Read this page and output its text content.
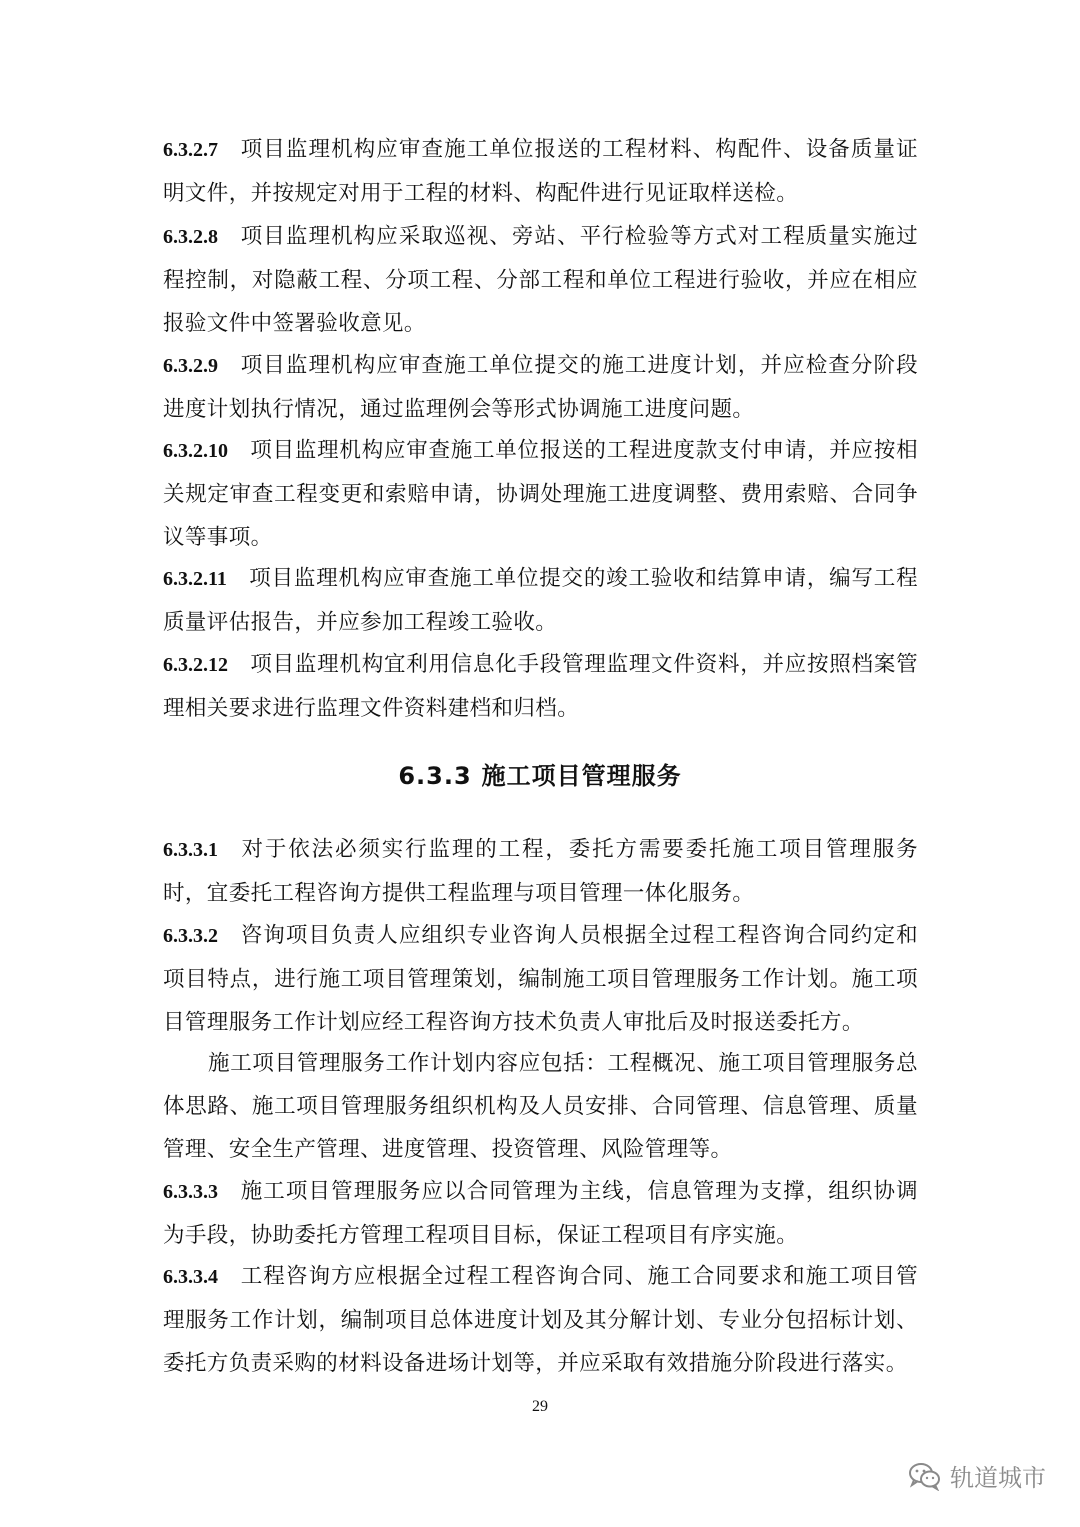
6.3.2.7 项目监理机构应审查施工单位报送的工程材料、构配件、设备质量证明文件，并按规定对用于工程的材料、构配件进行见证取样送检。

6.3.2.8 项目监理机构应采取巡视、旁站、平行检验等方式对工程质量实施过程控制，对隐蔽工程、分项工程、分部工程和单位工程进行验收，并应在相应报验文件中签署验收意见。

6.3.2.9 项目监理机构应审查施工单位提交的施工进度计划，并应检查分阶段进度计划执行情况，通过监理例会等形式协调施工进度问题。

6.3.2.10 项目监理机构应审查施工单位报送的工程进度款支付申请，并应按相关规定审查工程变更和索赔申请，协调处理施工进度调整、费用索赔、合同争议等事项。

6.3.2.11 项目监理机构应审查施工单位提交的竣工验收和结算申请，编写工程质量评估报告，并应参加工程竣工验收。

6.3.2.12 项目监理机构宜利用信息化手段管理监理文件资料，并应按照档案管理相关要求进行监理文件资料建档和归档。

6.3.3 施工项目管理服务

6.3.3.1 对于依法必须实行监理的工程，委托方需要委托施工项目管理服务时，宜委托工程咨询方提供工程监理与项目管理一体化服务。

6.3.3.2 咨询项目负责人应组织专业咨询人员根据全过程工程咨询合同约定和项目特点，进行施工项目管理策划，编制施工项目管理服务工作计划。施工项目管理服务工作计划应经工程咨询方技术负责人审批后及时报送委托方。

施工项目管理服务工作计划内容应包括：工程概况、施工项目管理服务总体思路、施工项目管理服务组织机构及人员安排、合同管理、信息管理、质量管理、安全生产管理、进度管理、投资管理、风险管理等。

6.3.3.3 施工项目管理服务应以合同管理为主线，信息管理为支撑，组织协调为手段，协助委托方管理工程项目目标，保证工程项目有序实施。

6.3.3.4 工程咨询方应根据全过程工程咨询合同、施工合同要求和施工项目管理服务工作计划，编制项目总体进度计划及其分解计划、专业分包招标计划、委托方负责采购的材料设备进场计划等，并应采取有效措施分阶段进行落实。

29
轨道城市
